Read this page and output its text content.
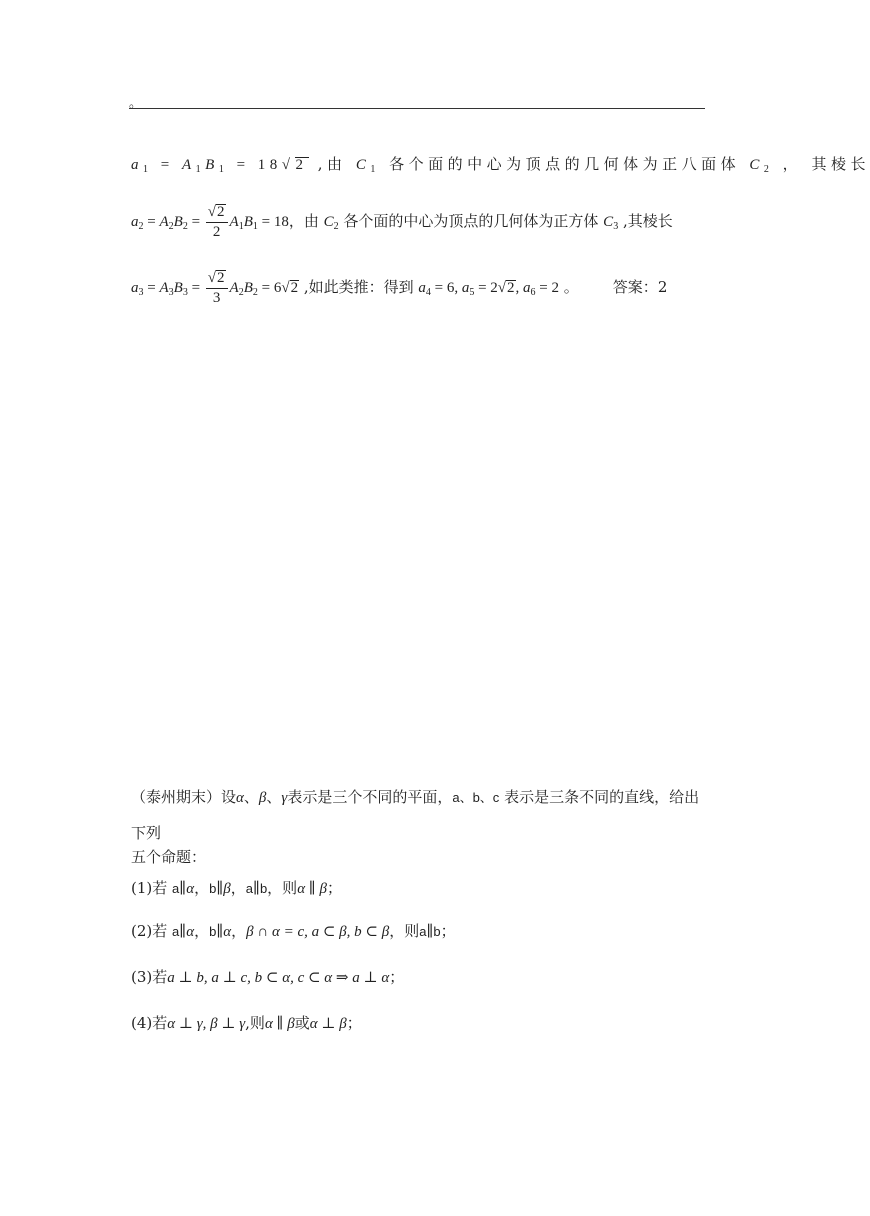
。
$a_1 = A_1B_1 = 18√2$ ,由 $C_1$ 各个面的中心为顶点的几何体为正八面体 $C_2$ ， 其棱长
$a_2 = A_2B_2 = \frac{√2}{2} A_1B_1 = 18$，由 $C_2$ 各个面的中心为顶点的几何体为正方体 $C_3$ ,其棱长
$a_3 = A_3B_3 = \frac{√2}{3} A_2B_2 = 6√2$ ,如此类推：得到 $a_4 = 6$, $a_5 = 2√2$, $a_6 = 2$ 。 答案：2
（泰州期末）设α、β、γ表示是三个不同的平面，a、b、c 表示是三条不同的直线，给出
下列
五个命题：
(1)若 a∥α，b∥β，a∥b，则α ∥ β；
(2)若 a∥α，b∥α，β ∩ α = c, a ⊂ β, b ⊂ β，则a∥b；
(3)若a ⊥ b, a ⊥ c, b ⊂ α, c ⊂ α ⇒ a ⊥ α；
(4)若α ⊥ γ, β ⊥ γ,则α ∥ β或α ⊥ β；
